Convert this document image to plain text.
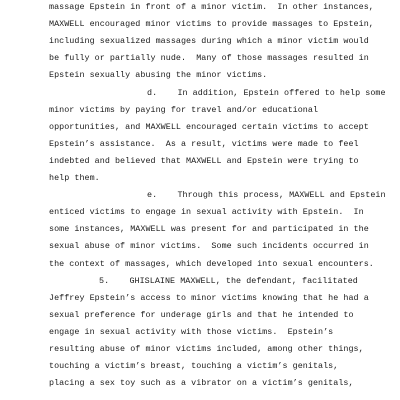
massage Epstein in front of a minor victim.  In other instances,
MAXWELL encouraged minor victims to provide massages to Epstein,
including sexualized massages during which a minor victim would
be fully or partially nude.  Many of those massages resulted in
Epstein sexually abusing the minor victims.
d.    In addition, Epstein offered to help some
minor victims by paying for travel and/or educational
opportunities, and MAXWELL encouraged certain victims to accept
Epstein’s assistance.  As a result, victims were made to feel
indebted and believed that MAXWELL and Epstein were trying to
help them.
e.    Through this process, MAXWELL and Epstein
enticed victims to engage in sexual activity with Epstein.  In
some instances, MAXWELL was present for and participated in the
sexual abuse of minor victims.  Some such incidents occurred in
the context of massages, which developed into sexual encounters.
5.    GHISLAINE MAXWELL, the defendant, facilitated
Jeffrey Epstein’s access to minor victims knowing that he had a
sexual preference for underage girls and that he intended to
engage in sexual activity with those victims.  Epstein’s
resulting abuse of minor victims included, among other things,
touching a victim’s breast, touching a victim’s genitals,
placing a sex toy such as a vibrator on a victim’s genitals,
